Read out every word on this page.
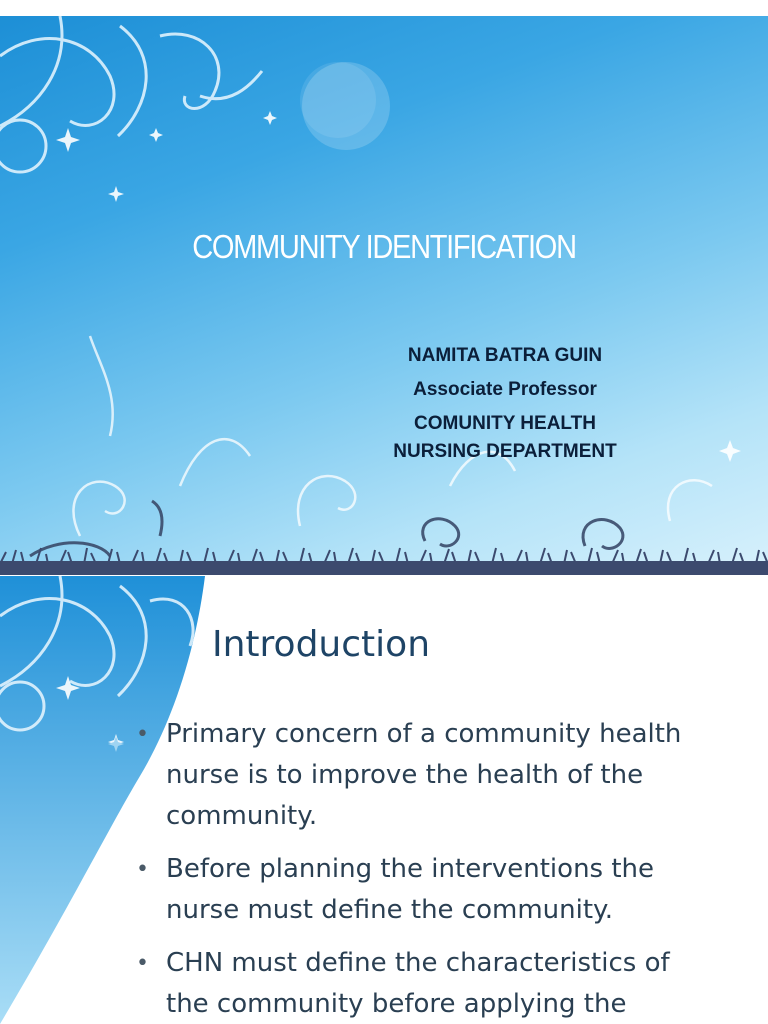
COMMUNITY IDENTIFICATION
NAMITA BATRA GUIN
Associate Professor
COMUNITY HEALTH
NURSING DEPARTMENT
Introduction
• Primary concern of a community health
nurse is to improve the health of the
community.
• Before planning the interventions the
nurse must define the community.
• CHN must define the characteristics of
the community before applying the
